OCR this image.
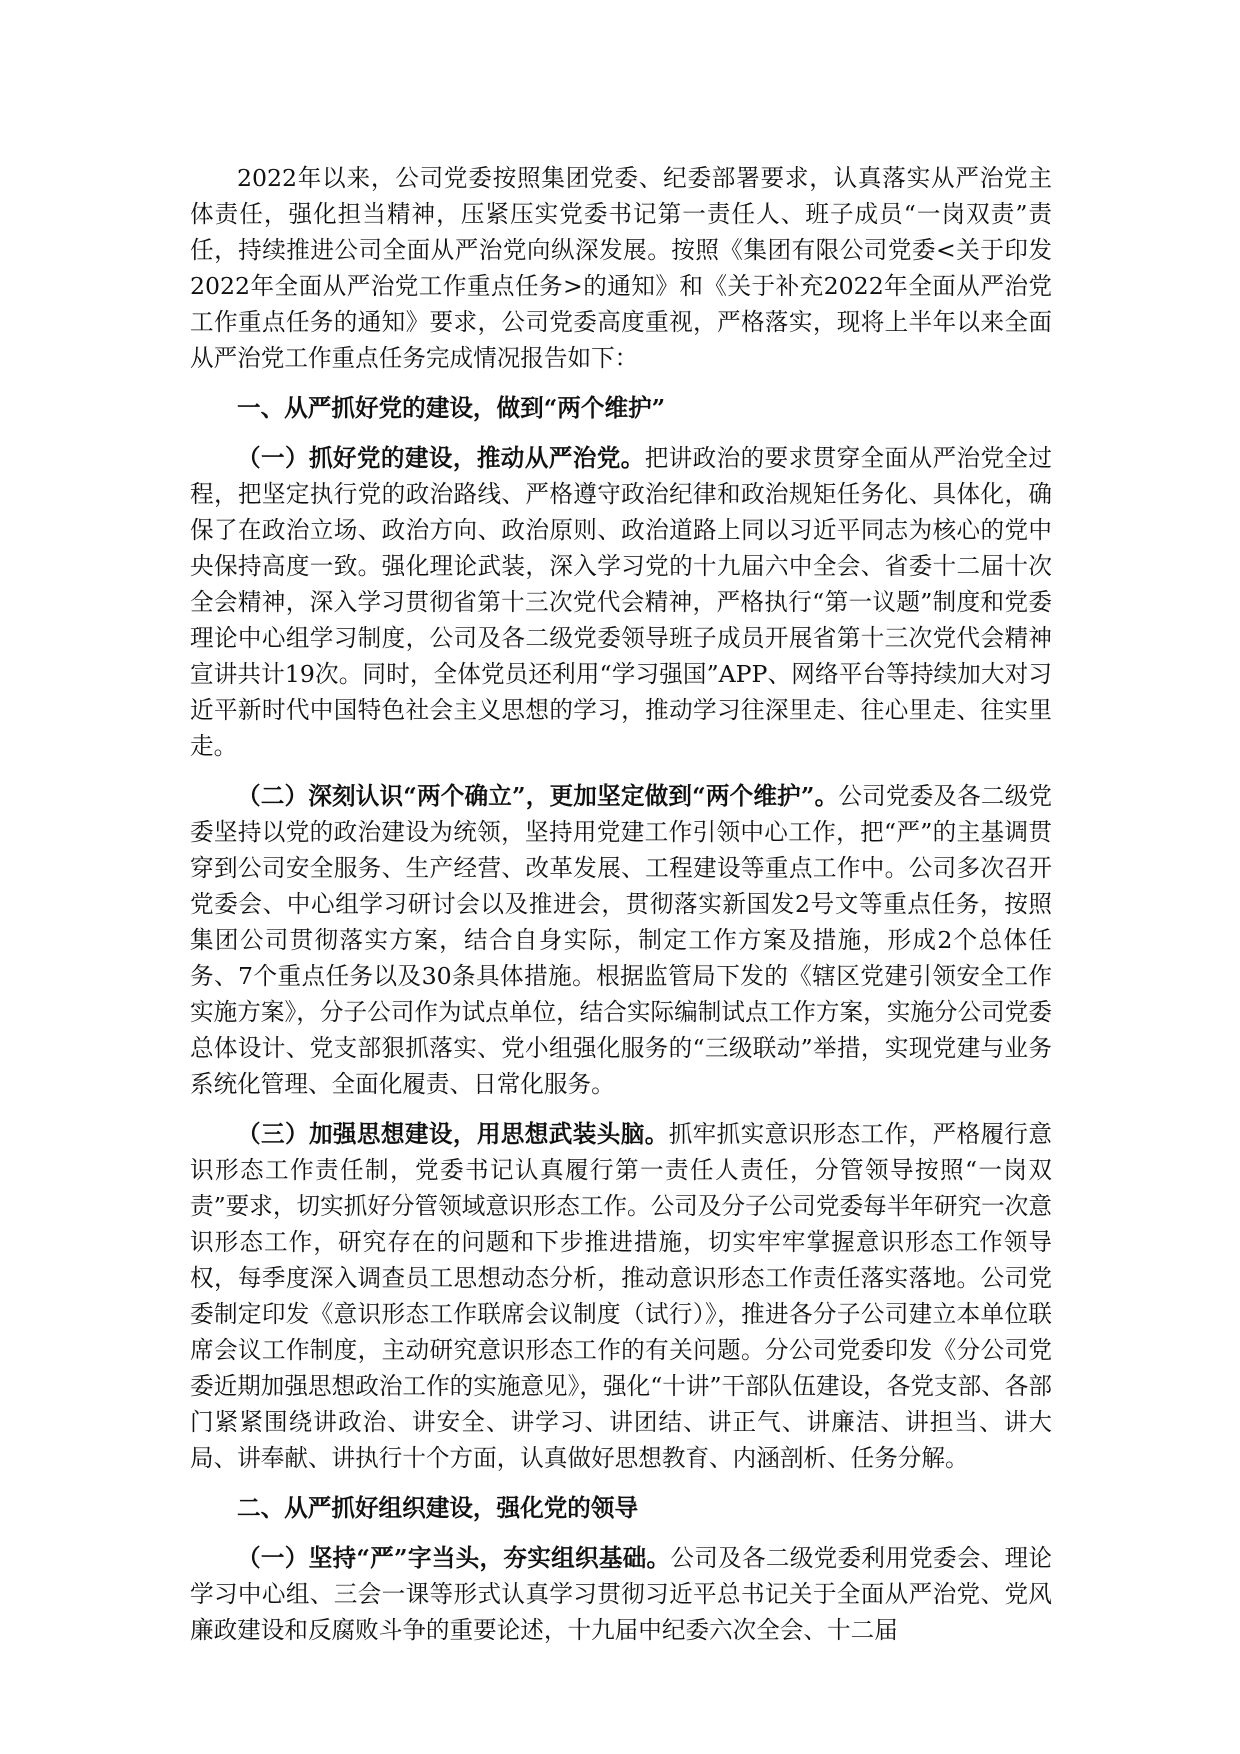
2022年以来，公司党委按照集团党委、纪委部署要求，认真落实从严治党主体责任，强化担当精神，压紧压实党委书记第一责任人、班子成员“一岗双责”责任，持续推进公司全面从严治党向纵深发展。按照《集团有限公司党委<关于印发2022年全面从严治党工作重点任务>的通知》和《关于补充2022年全面从严治党工作重点任务的通知》要求，公司党委高度重视，严格落实，现将上半年以来全面从严治党工作重点任务完成情况报告如下：

一、从严抓好党的建设，做到“两个维护”

（一）抓好党的建设，推动从严治党。把讲政治的要求贯穿全面从严治党全过程，把坚定执行党的政治路线、严格遵守政治纪律和政治规矩任务化、具体化，确保了在政治立场、政治方向、政治原则、政治道路上同以习近平同志为核心的党中央保持高度一致。强化理论武装，深入学习党的十九届六中全会、省委十二届十次全会精神，深入学习贯彻省第十三次党代会精神，严格执行“第一议题”制度和党委理论中心组学习制度，公司及各二级党委领导班子成员开展省第十三次党代会精神宣讲共计19次。同时，全体党员还利用“学习强国”APP、网络平台等持续加大对习近平新时代中国特色社会主义思想的学习，推动学习往深里走、往心里走、往实里走。

（二）深刻认识“两个确立”，更加坚定做到“两个维护”。公司党委及各二级党委坚持以党的政治建设为统领，坚持用党建工作引领中心工作，把“严”的主基调贯穿到公司安全服务、生产经营、改革发展、工程建设等重点工作中。公司多次召开党委会、中心组学习研讨会以及推进会，贯彻落实新国发2号文等重点任务，按照集团公司贯彻落实方案，结合自身实际，制定工作方案及措施，形成2个总体任务、7个重点任务以及30条具体措施。根据监管局下发的《辖区党建引领安全工作实施方案》，分子公司作为试点单位，结合实际编制试点工作方案，实施分公司党委总体设计、党支部狠抓落实、党小组强化服务的“三级联动”举措，实现党建与业务系统化管理、全面化履责、日常化服务。

（三）加强思想建设，用思想武装头脑。抓牢抓实意识形态工作，严格履行意识形态工作责任制，党委书记认真履行第一责任人责任，分管领导按照“一岗双责”要求，切实抓好分管领域意识形态工作。公司及分子公司党委每半年研究一次意识形态工作，研究存在的问题和下步推进措施，切实牢牢掌握意识形态工作领导权，每季度深入调查员工思想动态分析，推动意识形态工作责任落实落地。公司党委制定印发《意识形态工作联席会议制度（试行）》，推进各分子公司建立本单位联席会议工作制度，主动研究意识形态工作的有关问题。分公司党委印发《分公司党委近期加强思想政治工作的实施意见》，强化“十讲”干部队伍建设，各党支部、各部门紧紧围绕讲政治、讲安全、讲学习、讲团结、讲正气、讲廉洁、讲担当、讲大局、讲奉献、讲执行十个方面，认真做好思想教育、内涵剖析、任务分解。

二、从严抓好组织建设，强化党的领导

（一）坚持“严”字当头，夯实组织基础。公司及各二级党委利用党委会、理论学习中心组、三会一课等形式认真学习贯彻习近平总书记关于全面从严治党、党风廉政建设和反腐败斗争的重要论述，十九届中纪委六次全会、十二届
